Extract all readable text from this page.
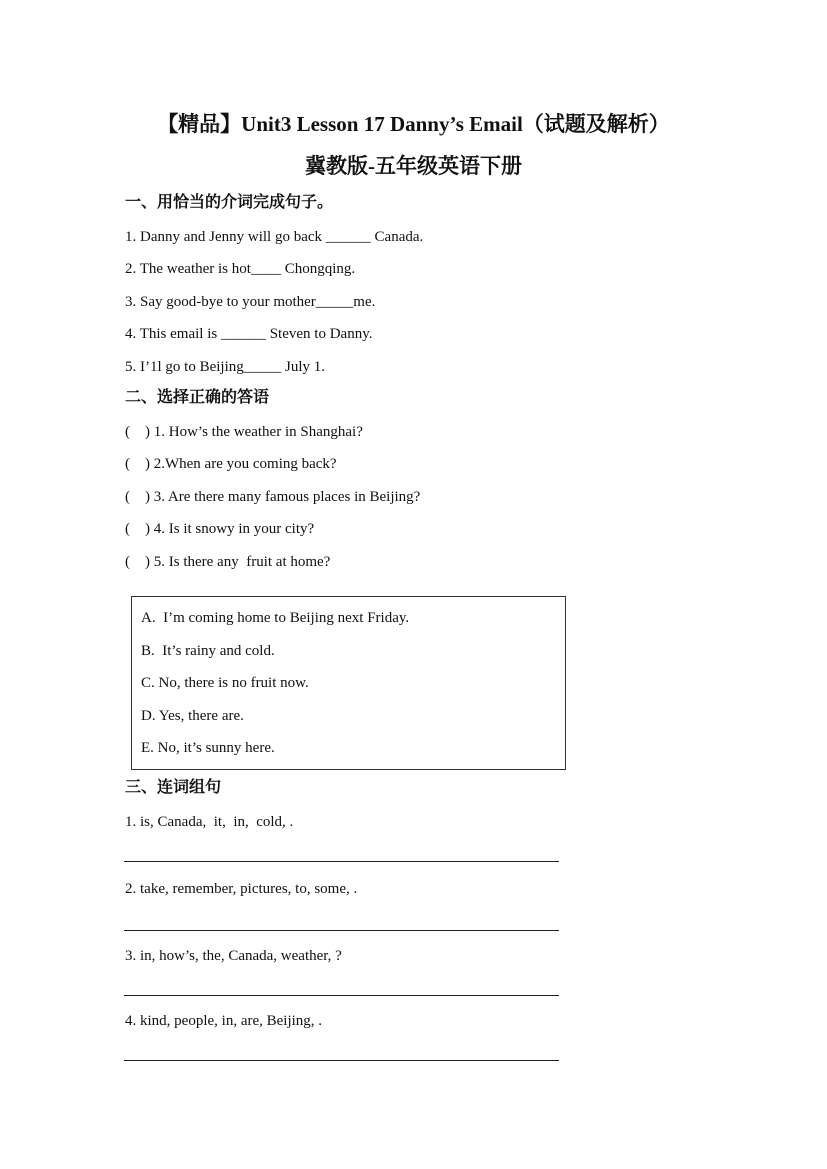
【精品】Unit3 Lesson 17 Danny’s Email（试题及解析）
冀教版-五年级英语下册
一、用恰当的介词完成句子。
1. Danny and Jenny will go back ______ Canada.
2. The weather is hot____ Chongqing.
3. Say good-bye to your mother_____me.
4. This email is ______ Steven to Danny.
5. I’1l go to Beijing_____ July 1.
二、选择正确的答语
(    ) 1. How’s the weather in Shanghai?
(    ) 2.When are you coming back?
(    ) 3. Are there many famous places in Beijing?
(    ) 4. Is it snowy in your city?
(    ) 5. Is there any  fruit at home?
A.  I’m coming home to Beijing next Friday.
B.  It’s rainy and cold.
C. No, there is no fruit now.
D. Yes, there are.
E. No, it’s sunny here.
三、连词组句
1. is, Canada,  it,  in,  cold, .
2. take, remember, pictures, to, some, .
3. in, how’s, the, Canada, weather, ?
4. kind, people, in, are, Beijing, .
